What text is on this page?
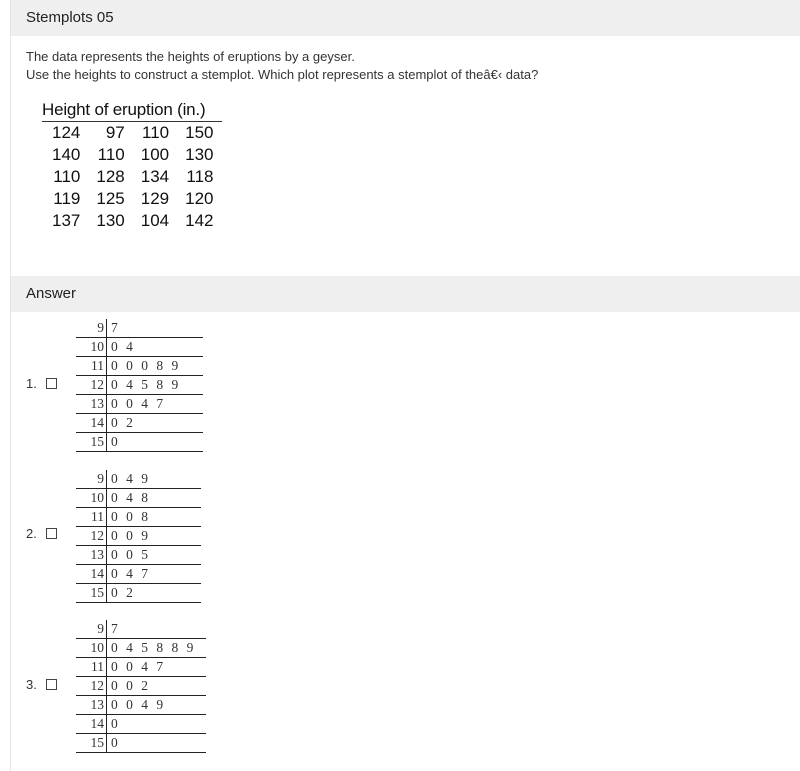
Stemplots 05
The data represents the heights of eruptions by a geyser.
Use the heights to construct a stemplot. Which plot represents a stemplot of theâ€‹ data?
Height of eruption (in.)			
124	97	110	150
140	110	100	130
110	128	134	118
119	125	129	120
137	130	104	142
Answer
1.
9	7
10	0 4
11	0 0 0 8 9
12	0 4 5 8 9
13	0 0 4 7
14	0 2
15	0
2.
9	0 4 9
10	0 4 8
11	0 0 8
12	0 0 9
13	0 0 5
14	0 4 7
15	0 2
3.
9	7
10	0 4 5 8 8 9
11	0 0 4 7
12	0 0 2
13	0 0 4 9
14	0
15	0
